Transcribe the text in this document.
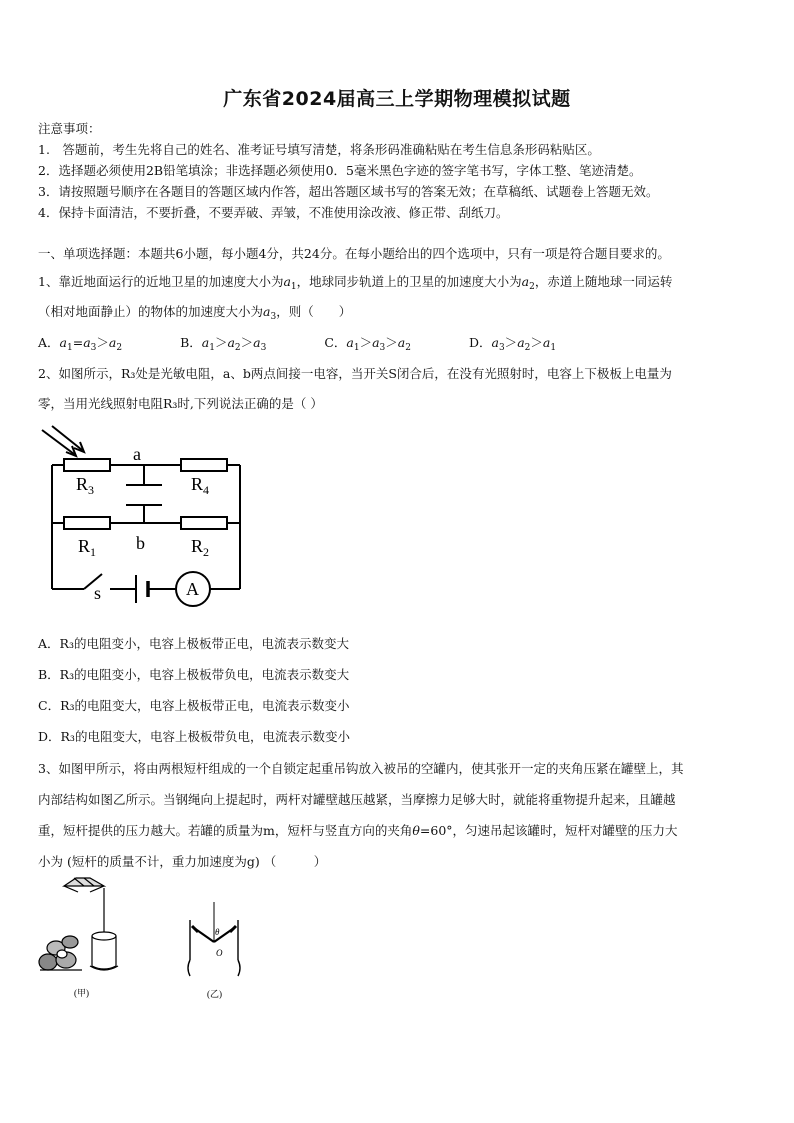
广东省2024届高三上学期物理模拟试题
注意事项：
1.　答题前，考生先将自己的姓名、准考证号填写清楚，将条形码准确粘贴在考生信息条形码粘贴区。
2．选择题必须使用2B铅笔填涂；非选择题必须使用0．5毫米黑色字迹的签字笔书写，字体工整、笔迹清楚。
3．请按照题号顺序在各题目的答题区域内作答，超出答题区域书写的答案无效；在草稿纸、试题卷上答题无效。
4．保持卡面清洁，不要折叠，不要弄破、弄皱，不准使用涂改液、修正带、刮纸刀。
一、单项选择题：本题共6小题，每小题4分，共24分。在每小题给出的四个选项中，只有一项是符合题目要求的。
1、靠近地面运行的近地卫星的加速度大小为$a_1$，地球同步轨道上的卫星的加速度大小为$a_2$，赤道上随地球一同运转
（相对地面静止）的物体的加速度大小为$a_3$，则（　　）
A．$a_1=a_3>a_2$	B．$a_1>a_2>a_3$	C．$a_1>a_3>a_2$	D．$a_3>a_2>a_1$
2、如图所示，R₃处是光敏电阻，a、b两点间接一电容，当开关S闭合后，在没有光照射时，电容上下极板上电量为
零，当用光线照射电阻R₃时,下列说法正确的是（ ）
a
b
$R_3$	$R_4$
$R_1$	$R_2$
s	A
A．R₃的电阻变小，电容上极板带正电，电流表示数变大
B．R₃的电阻变小，电容上极板带负电，电流表示数变大
C．R₃的电阻变大，电容上极板带正电，电流表示数变小
D．R₃的电阻变大，电容上极板带负电，电流表示数变小
3、如图甲所示，将由两根短杆组成的一个自锁定起重吊钩放入被吊的空罐内，使其张开一定的夹角压紧在罐壁上，其
内部结构如图乙所示。当钢绳向上提起时，两杆对罐壁越压越紧，当摩擦力足够大时，就能将重物提升起来，且罐越
重，短杆提供的压力越大。若罐的质量为m，短杆与竖直方向的夹角θ=60°，匀速吊起该罐时，短杆对罐壁的压力大
小为 (短杆的质量不计，重力加速度为g) （　　　）
(甲)
θ
O
(乙)
